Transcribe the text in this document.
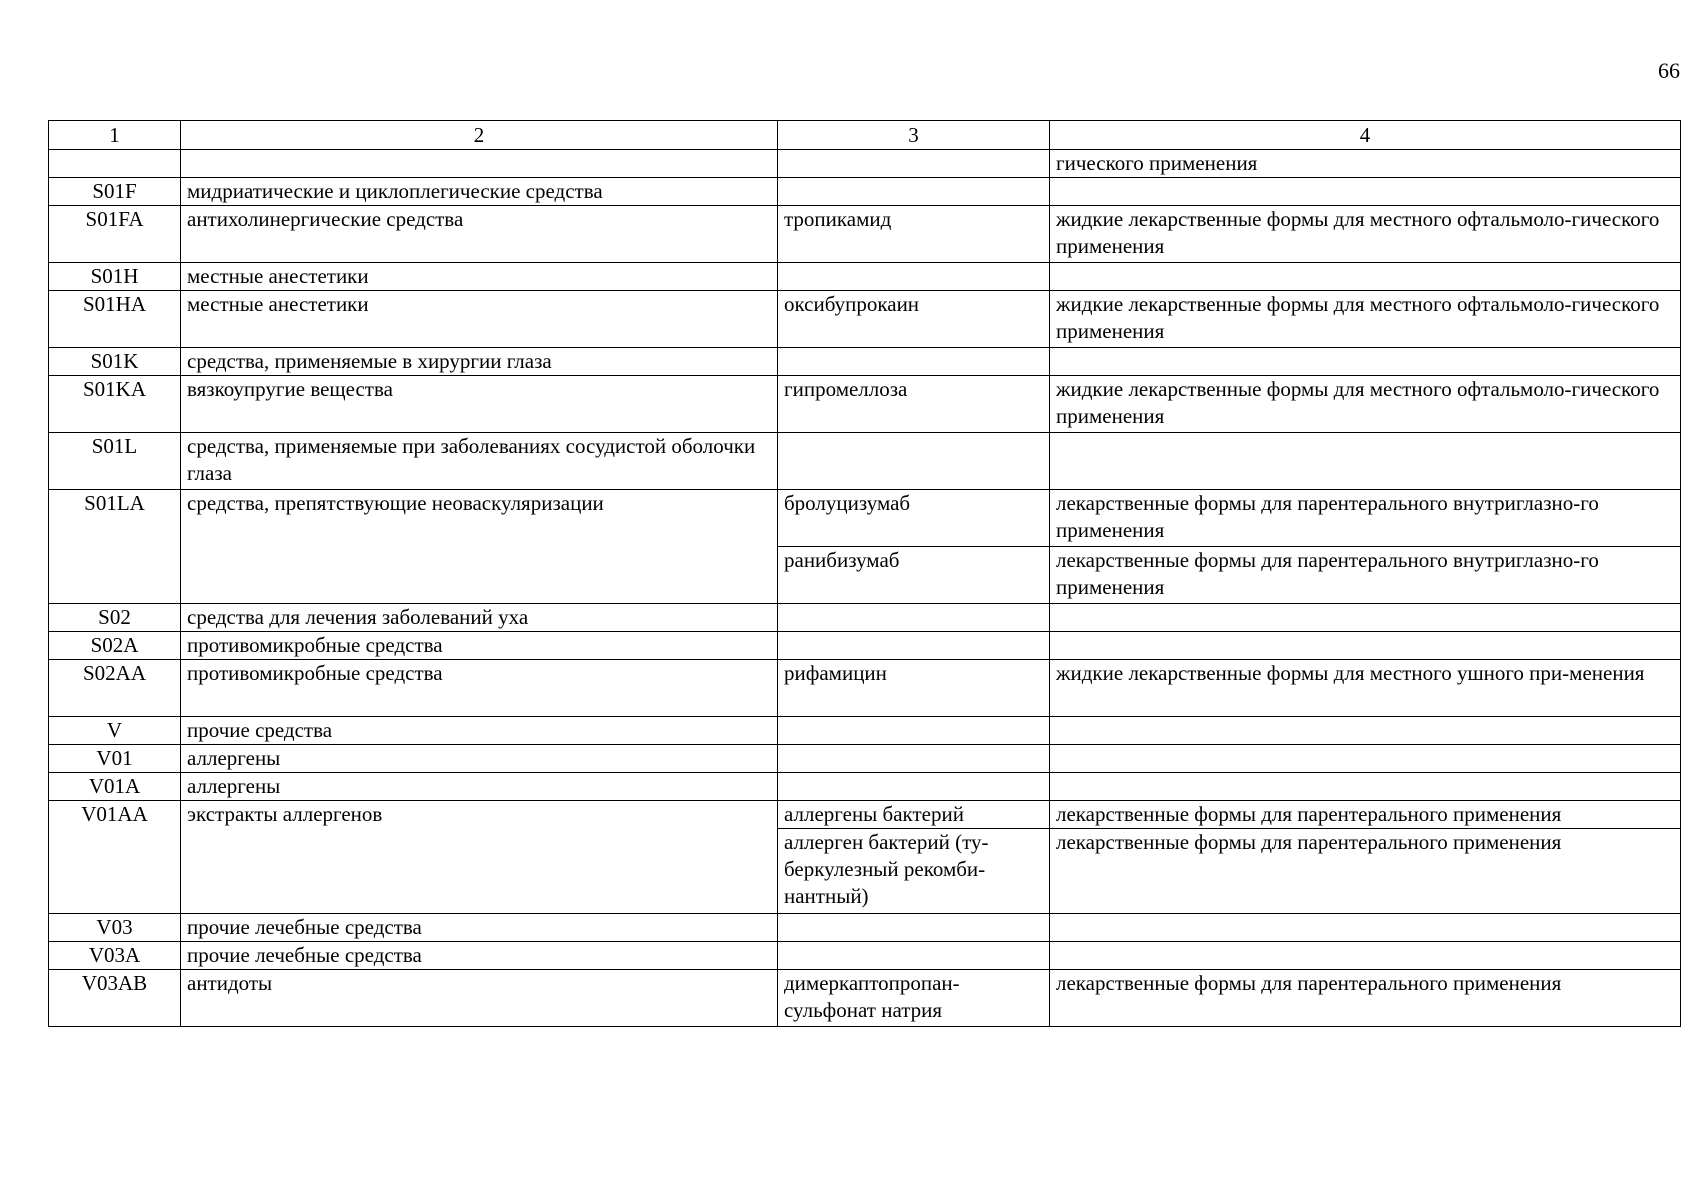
66
1	2	3	4
			гического применения
S01F	мидриатические и циклоплегические средства		
S01FA	антихолинергические средства	тропикамид	жидкие лекарственные формы для местного офтальмоло-гического применения
S01H	местные анестетики		
S01HA	местные анестетики	оксибупрокаин	жидкие лекарственные формы для местного офтальмоло-гического применения
S01K	средства, применяемые в хирургии глаза		
S01KA	вязкоупругие вещества	гипромеллоза	жидкие лекарственные формы для местного офтальмоло-гического применения
S01L	средства, применяемые при заболеваниях сосудистой оболочки глаза		
S01LA	средства, препятствующие неоваскуляризации	бролуцизумаб	лекарственные формы для парентерального внутриглазно-го применения
		ранибизумаб	лекарственные формы для парентерального внутриглазно-го применения
S02	средства для лечения заболеваний уха		
S02A	противомикробные средства		
S02AA	противомикробные средства	рифамицин	жидкие лекарственные формы для местного ушного при-менения
V	прочие средства		
V01	аллергены		
V01A	аллергены		
V01AA	экстракты аллергенов	аллергены бактерий	лекарственные формы для парентерального применения
		аллерген бактерий (ту-беркулезный рекомби-нантный)	лекарственные формы для парентерального применения
V03	прочие лечебные средства		
V03A	прочие лечебные средства		
V03AB	антидоты	димеркаптопропан-сульфонат натрия	лекарственные формы для парентерального применения
